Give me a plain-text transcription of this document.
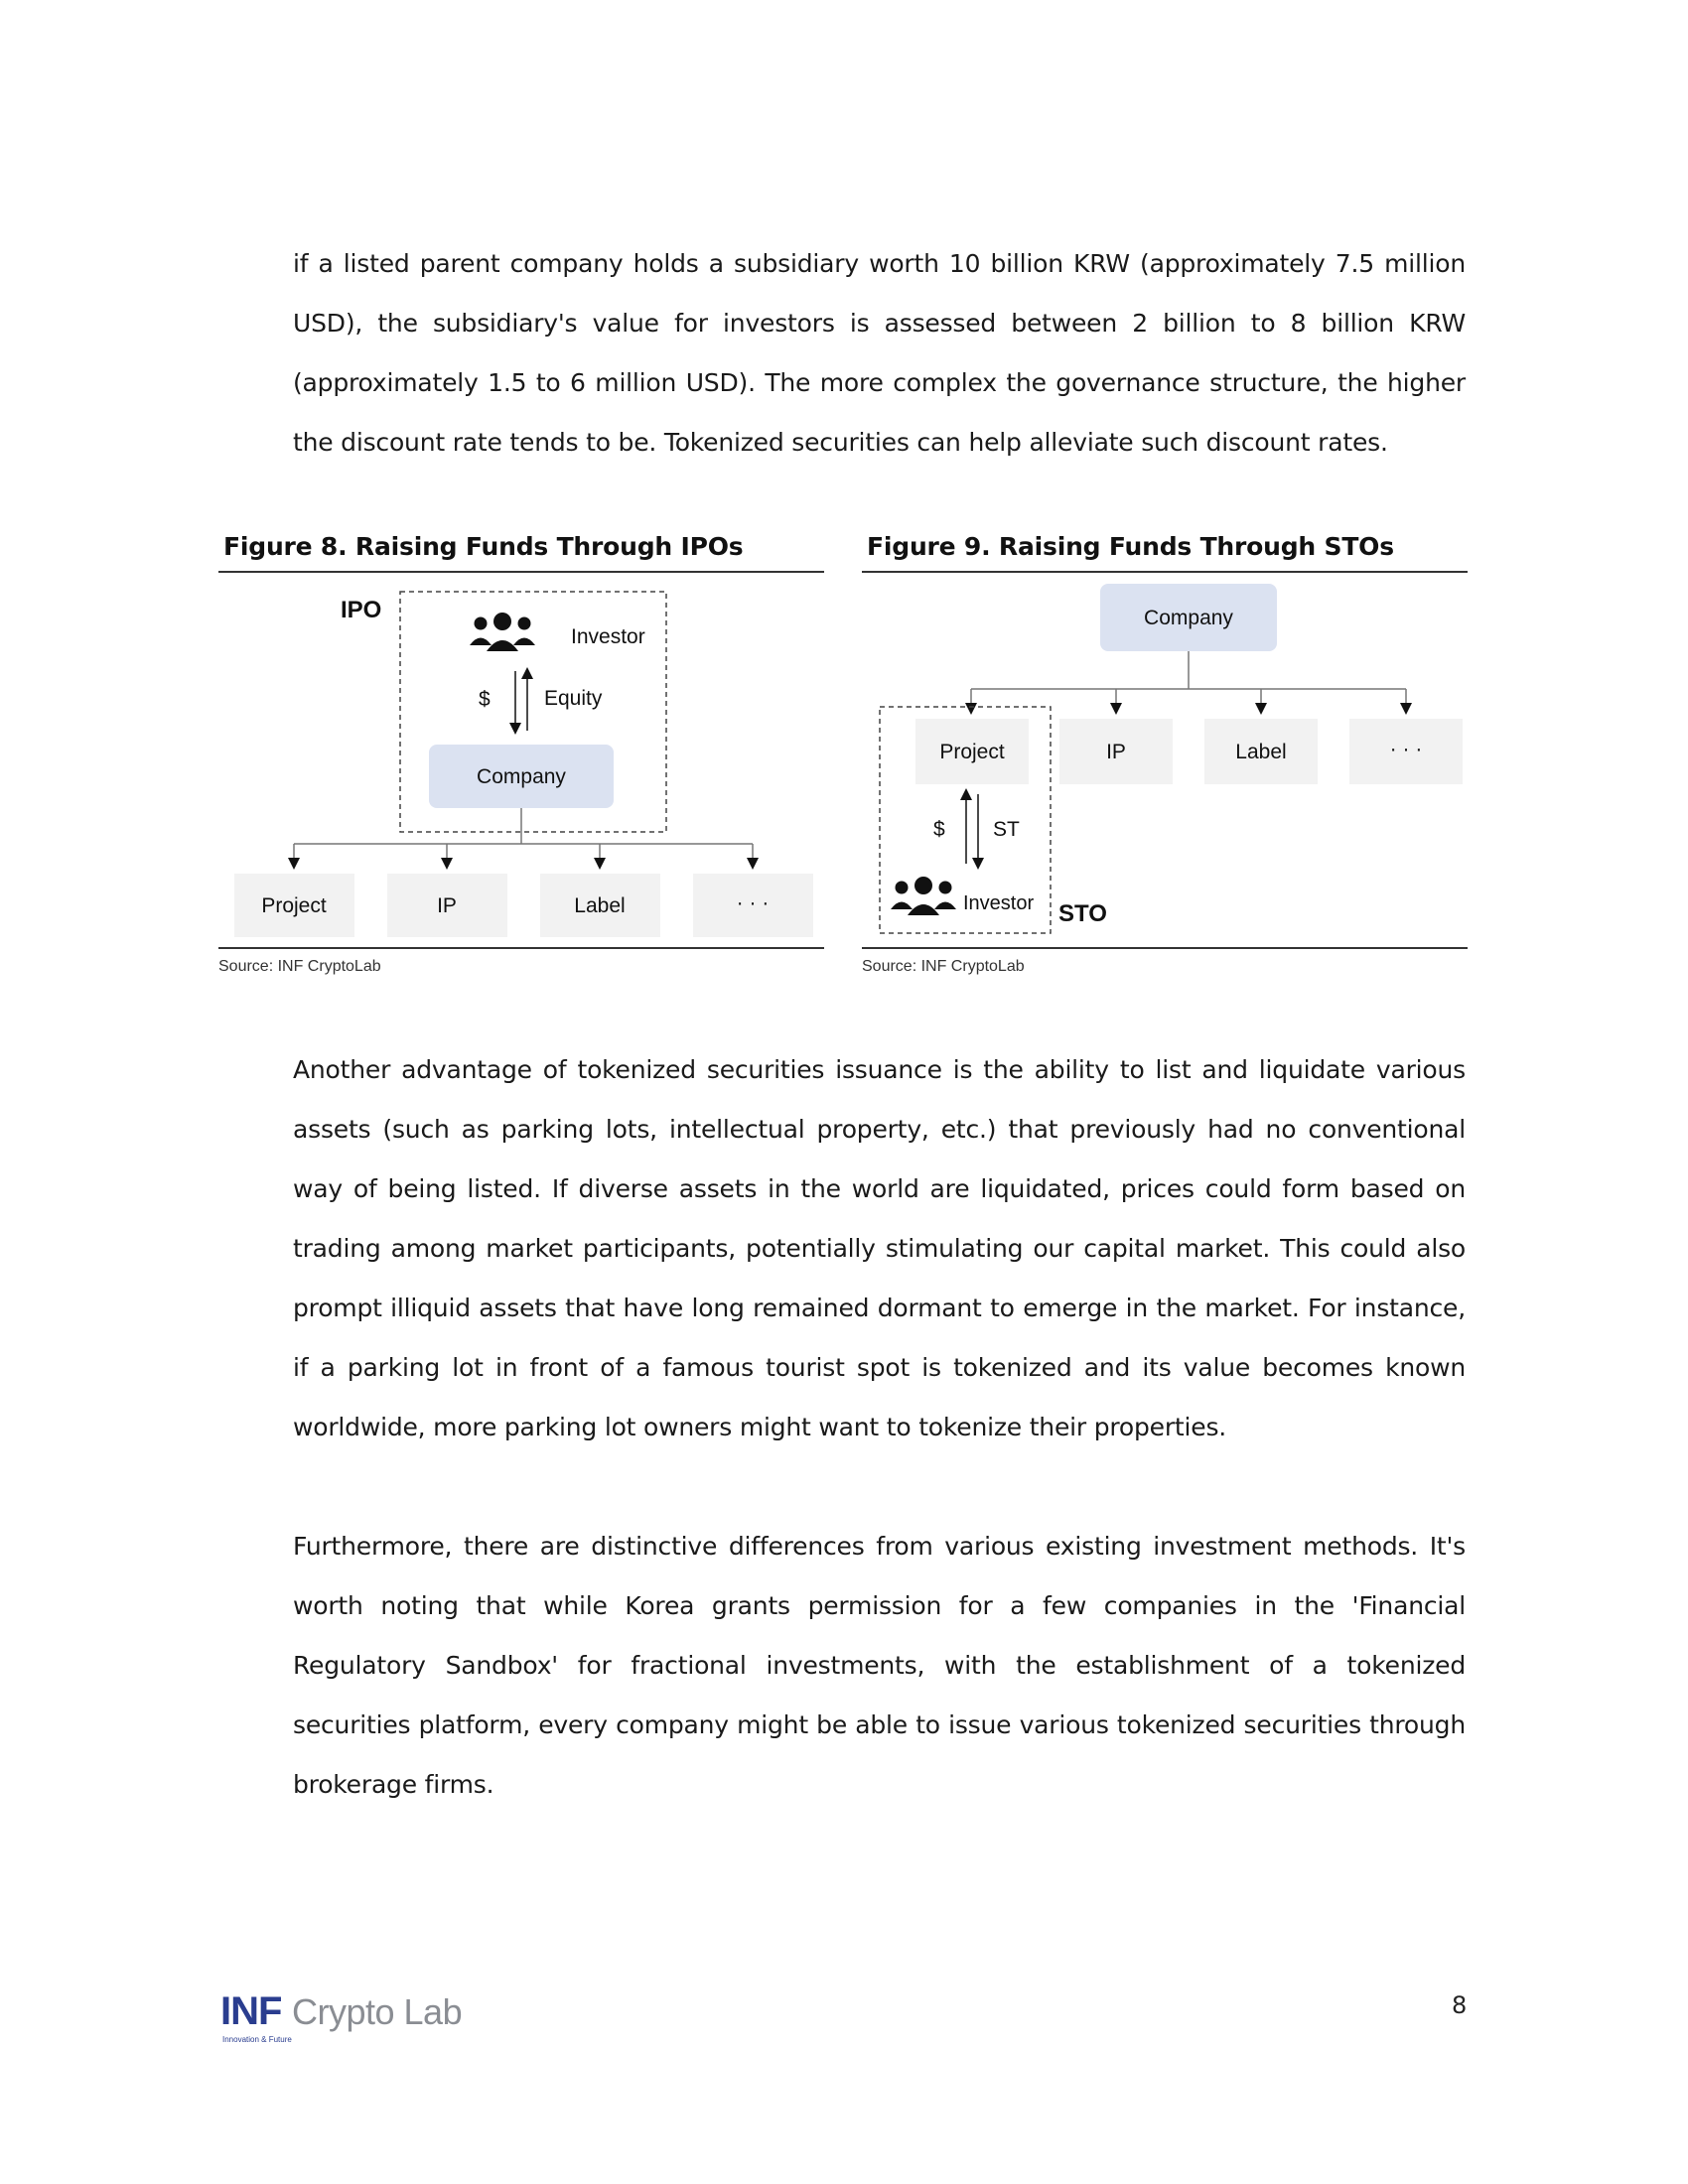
if a listed parent company holds a subsidiary worth 10 billion KRW (approximately 7.5 million USD), the subsidiary's value for investors is assessed between 2 billion to 8 billion KRW (approximately 1.5 to 6 million USD). The more complex the governance structure, the higher the discount rate tends to be. Tokenized securities can help alleviate such discount rates.

Figure 8. Raising Funds Through IPOs	Figure 9. Raising Funds Through STOs
IPO
Investor
$	Equity
Company
Project	IP	Label	· · ·
Company
Project	IP	Label	· · ·
$ ST
Investor STO

Source: INF CryptoLab	Source: INF CryptoLab

Another advantage of tokenized securities issuance is the ability to list and liquidate various assets (such as parking lots, intellectual property, etc.) that previously had no conventional way of being listed. If diverse assets in the world are liquidated, prices could form based on trading among market participants, potentially stimulating our capital market. This could also prompt illiquid assets that have long remained dormant to emerge in the market. For instance, if a parking lot in front of a famous tourist spot is tokenized and its value becomes known worldwide, more parking lot owners might want to tokenize their properties.

Furthermore, there are distinctive differences from various existing investment methods. It's worth noting that while Korea grants permission for a few companies in the 'Financial Regulatory Sandbox' for fractional investments, with the establishment of a tokenized securities platform, every company might be able to issue various tokenized securities through brokerage firms.

INF Crypto Lab
Innovation & Future
8
